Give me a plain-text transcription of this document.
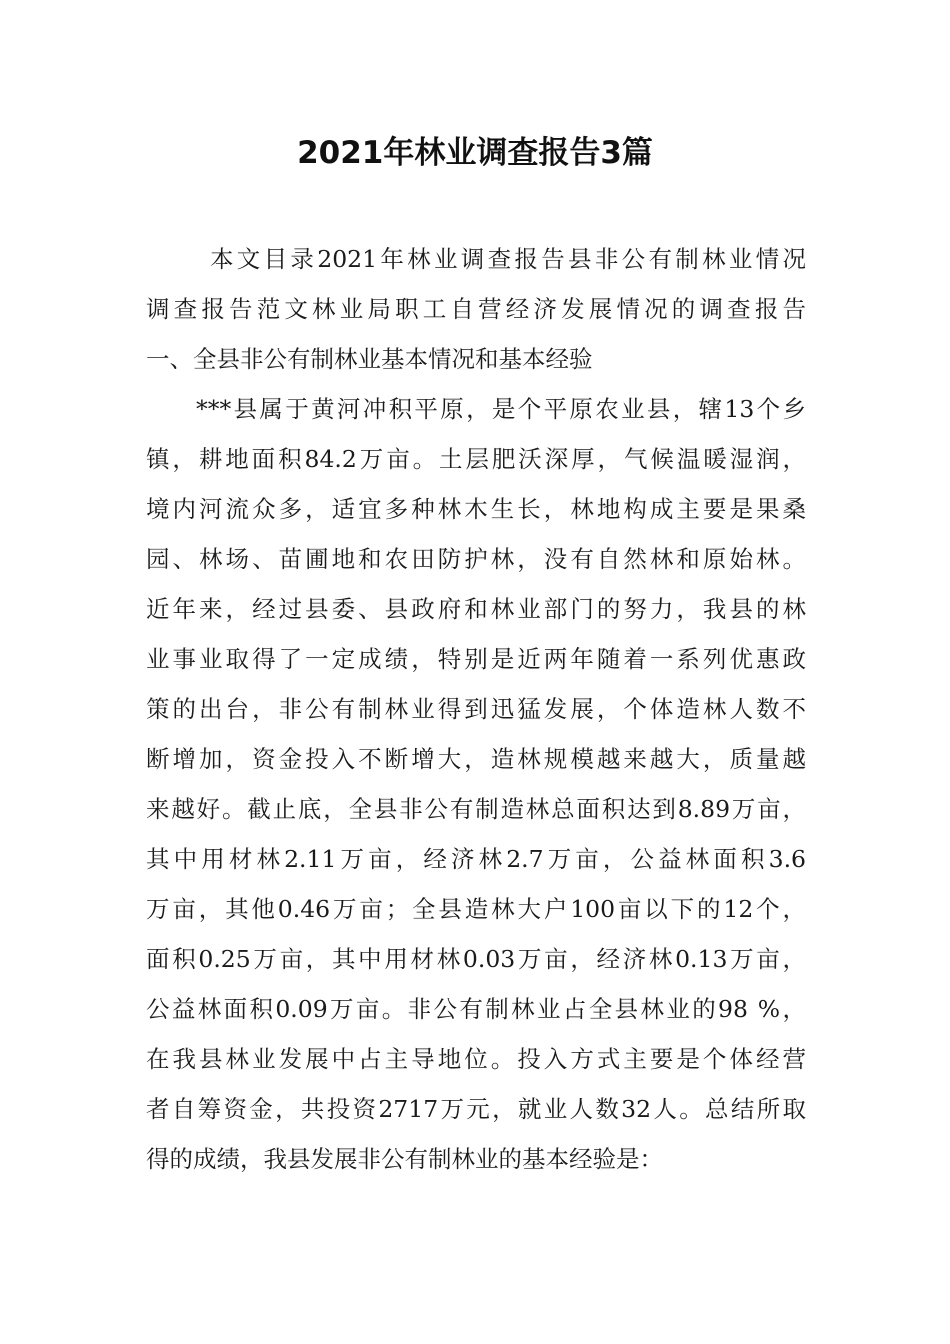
2021年林业调查报告3篇
本文目录2021年林业调查报告县非公有制林业情况
调查报告范文林业局职工自营经济发展情况的调查报告
一、全县非公有制林业基本情况和基本经验
***县属于黄河冲积平原，是个平原农业县，辖13个乡
镇，耕地面积84.2万亩。土层肥沃深厚，气候温暖湿润，
境内河流众多，适宜多种林木生长，林地构成主要是果桑
园、林场、苗圃地和农田防护林，没有自然林和原始林。
近年来，经过县委、县政府和林业部门的努力，我县的林
业事业取得了一定成绩，特别是近两年随着一系列优惠政
策的出台，非公有制林业得到迅猛发展，个体造林人数不
断增加，资金投入不断增大，造林规模越来越大，质量越
来越好。截止底，全县非公有制造林总面积达到8.89万亩，
其中用材林2.11万亩，经济林2.7万亩，公益林面积3.6
万亩，其他0.46万亩；全县造林大户100亩以下的12个，
面积0.25万亩，其中用材林0.03万亩，经济林0.13万亩，
公益林面积0.09万亩。非公有制林业占全县林业的98 %，
在我县林业发展中占主导地位。投入方式主要是个体经营
者自筹资金，共投资2717万元，就业人数32人。总结所取
得的成绩，我县发展非公有制林业的基本经验是：
